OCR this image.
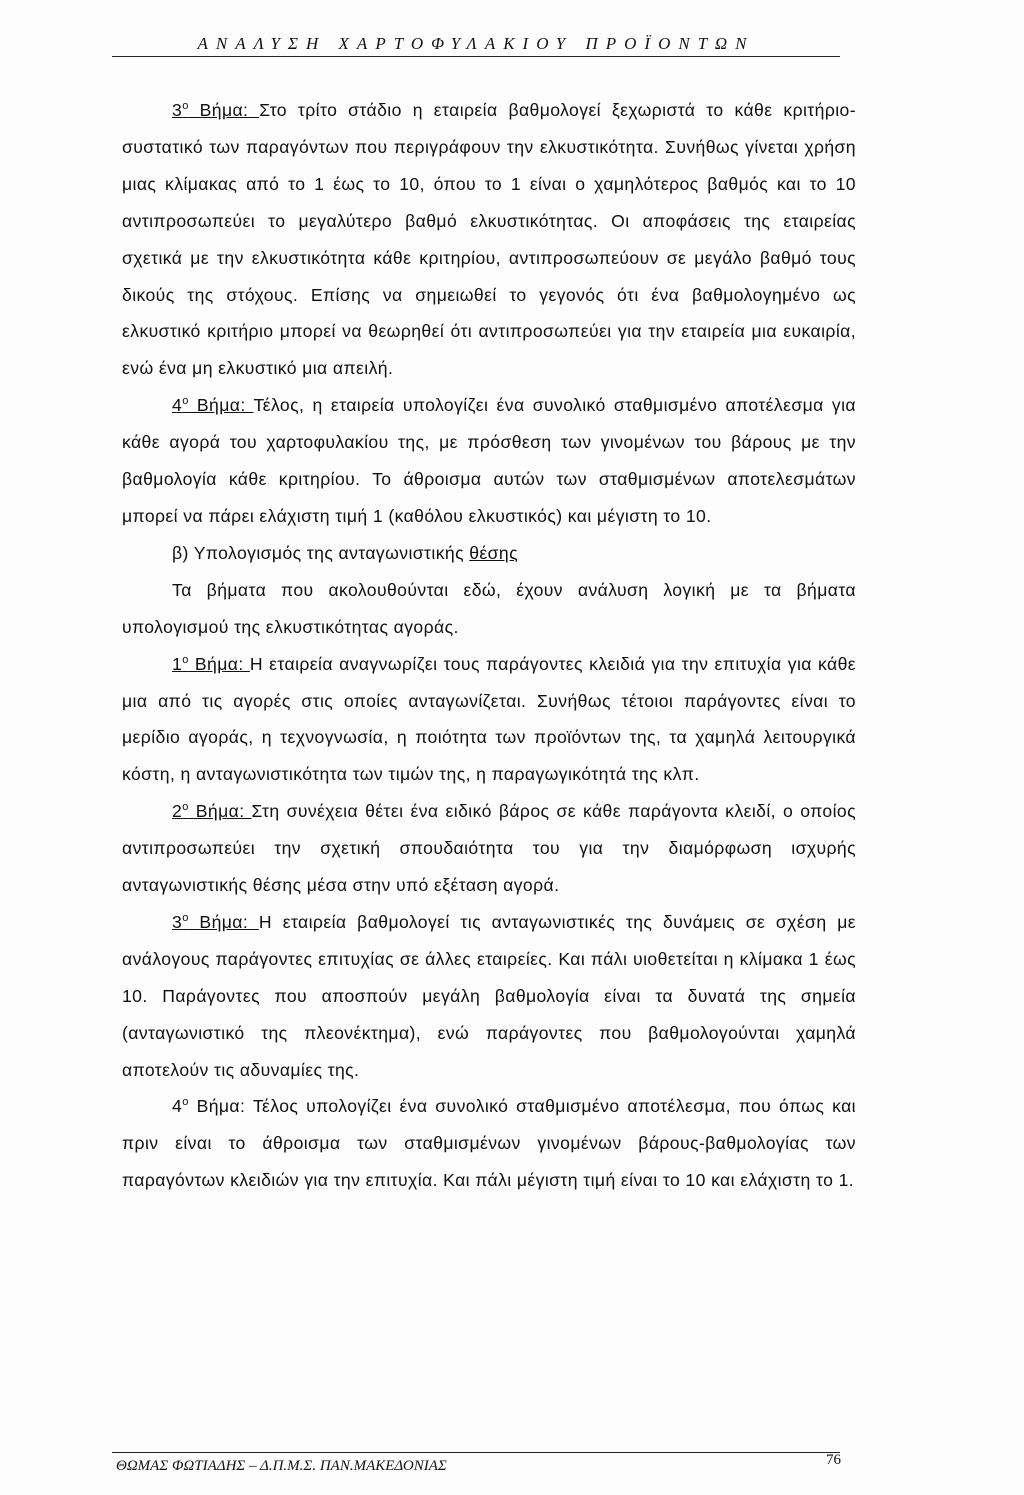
ΑΝΑΛΥΣΗ ΧΑΡΤΟΦΥΛΑΚΙΟΥ ΠΡΟΪΟΝΤΩΝ

$3^o$ Βήμα: Στο τρίτο στάδιο η εταιρεία βαθμολογεί ξεχωριστά το κάθε κριτήριο- συστατικό των παραγόντων που περιγράφουν την ελκυστικότητα. Συνήθως γίνεται χρήση μιας κλίμακας από το 1 έως το 10, όπου το 1 είναι ο χαμηλότερος βαθμός και το 10 αντιπροσωπεύει το μεγαλύτερο βαθμό ελκυστικότητας. Οι αποφάσεις της εταιρείας σχετικά με την ελκυστικότητα κάθε κριτηρίου, αντιπροσωπεύουν σε μεγάλο βαθμό τους δικούς της στόχους. Επίσης να σημειωθεί το γεγονός ότι ένα βαθμολογημένο ως ελκυστικό κριτήριο μπορεί να θεωρηθεί ότι αντιπροσωπεύει για την εταιρεία μια ευκαιρία, ενώ ένα μη ελκυστικό μια απειλή.

$4^o$ Βήμα: Τέλος, η εταιρεία υπολογίζει ένα συνολικό σταθμισμένο αποτέλεσμα για κάθε αγορά του χαρτοφυλακίου της, με πρόσθεση των γινομένων του βάρους με την βαθμολογία κάθε κριτηρίου. Το άθροισμα αυτών των σταθμισμένων αποτελεσμάτων μπορεί να πάρει ελάχιστη τιμή 1 (καθόλου ελκυστικός) και μέγιστη το 10.

β) Υπολογισμός της ανταγωνιστικής θέσης

Τα βήματα που ακολουθούνται εδώ, έχουν ανάλυση λογική με τα βήματα υπολογισμού της ελκυστικότητας αγοράς.

$1^o$ Βήμα: Η εταιρεία αναγνωρίζει τους παράγοντες κλειδιά για την επιτυχία για κάθε μια από τις αγορές στις οποίες ανταγωνίζεται. Συνήθως τέτοιοι παράγοντες είναι το μερίδιο αγοράς, η τεχνογνωσία, η ποιότητα των προϊόντων της, τα χαμηλά λειτουργικά κόστη, η ανταγωνιστικότητα των τιμών της, η παραγωγικότητά της κλπ.

$2^o$ Βήμα: Στη συνέχεια θέτει ένα ειδικό βάρος σε κάθε παράγοντα κλειδί, ο οποίος αντιπροσωπεύει την σχετική σπουδαιότητα του για την διαμόρφωση ισχυρής ανταγωνιστικής θέσης μέσα στην υπό εξέταση αγορά.

$3^o$ Βήμα: Η εταιρεία βαθμολογεί τις ανταγωνιστικές της δυνάμεις σε σχέση με ανάλογους παράγοντες επιτυχίας σε άλλες εταιρείες. Και πάλι υιοθετείται η κλίμακα 1 έως 10. Παράγοντες που αποσπούν μεγάλη βαθμολογία είναι τα δυνατά της σημεία (ανταγωνιστικό της πλεονέκτημα), ενώ παράγοντες που βαθμολογούνται χαμηλά αποτελούν τις αδυναμίες της.

$4^o$ Βήμα: Τέλος υπολογίζει ένα συνολικό σταθμισμένο αποτέλεσμα, που όπως και πριν είναι το άθροισμα των σταθμισμένων γινομένων βάρους-βαθμολογίας των παραγόντων κλειδιών για την επιτυχία. Και πάλι μέγιστη τιμή είναι το 10 και ελάχιστη το 1.

ΘΩΜΑΣ ΦΩΤΙΑΔΗΣ – Δ.Π.Μ.Σ. ΠΑΝ.ΜΑΚΕΔΟΝΙΑΣ	76
